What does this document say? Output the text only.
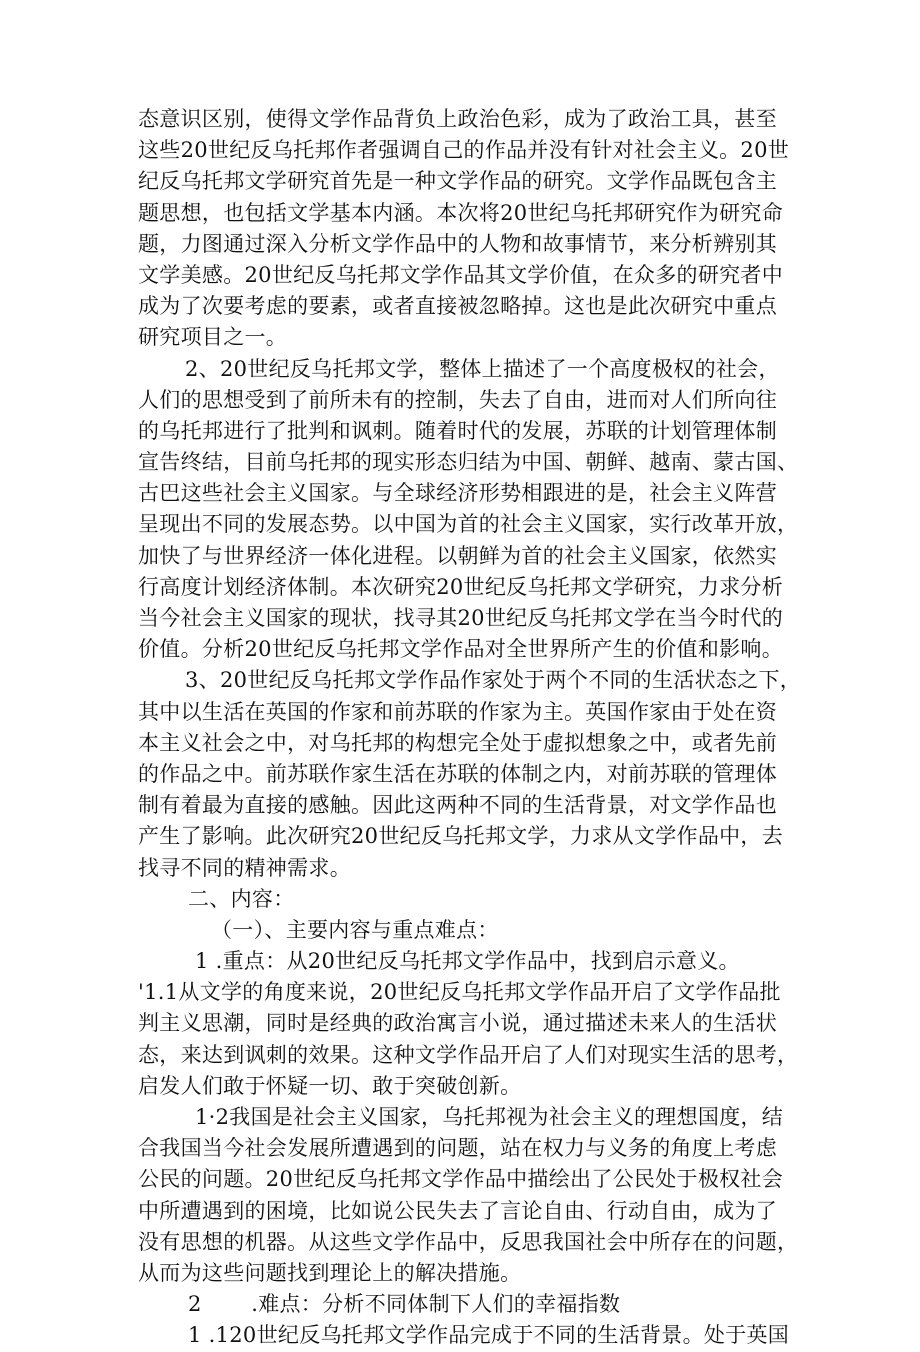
态意识区别，使得文学作品背负上政治色彩，成为了政治工具，甚至
这些20世纪反乌托邦作者强调自己的作品并没有针对社会主义。20世
纪反乌托邦文学研究首先是一种文学作品的研究。文学作品既包含主
题思想，也包括文学基本内涵。本次将20世纪乌托邦研究作为研究命
题，力图通过深入分析文学作品中的人物和故事情节，来分析辨别其
文学美感。20世纪反乌托邦文学作品其文学价值，在众多的研究者中
成为了次要考虑的要素，或者直接被忽略掉。这也是此次研究中重点
研究项目之一。
2、20世纪反乌托邦文学，整体上描述了一个高度极权的社会，
人们的思想受到了前所未有的控制，失去了自由，进而对人们所向往
的乌托邦进行了批判和讽刺。随着时代的发展，苏联的计划管理体制
宣告终结，目前乌托邦的现实形态归结为中国、朝鲜、越南、蒙古国、
古巴这些社会主义国家。与全球经济形势相跟进的是，社会主义阵营
呈现出不同的发展态势。以中国为首的社会主义国家，实行改革开放，
加快了与世界经济一体化进程。以朝鲜为首的社会主义国家，依然实
行高度计划经济体制。本次研究20世纪反乌托邦文学研究，力求分析
当今社会主义国家的现状，找寻其20世纪反乌托邦文学在当今时代的
价值。分析20世纪反乌托邦文学作品对全世界所产生的价值和影响。
3、20世纪反乌托邦文学作品作家处于两个不同的生活状态之下，
其中以生活在英国的作家和前苏联的作家为主。英国作家由于处在资
本主义社会之中，对乌托邦的构想完全处于虚拟想象之中，或者先前
的作品之中。前苏联作家生活在苏联的体制之内，对前苏联的管理体
制有着最为直接的感触。因此这两种不同的生活背景，对文学作品也
产生了影响。此次研究20世纪反乌托邦文学，力求从文学作品中，去
找寻不同的精神需求。
二、内容：
（一）、主要内容与重点难点：
1 .重点：从20世纪反乌托邦文学作品中，找到启示意义。
'1.1从文学的角度来说，20世纪反乌托邦文学作品开启了文学作品批
判主义思潮，同时是经典的政治寓言小说，通过描述未来人的生活状
态，来达到讽刺的效果。这种文学作品开启了人们对现实生活的思考，
启发人们敢于怀疑一切、敢于突破创新。
1·2我国是社会主义国家，乌托邦视为社会主义的理想国度，结
合我国当今社会发展所遭遇到的问题，站在权力与义务的角度上考虑
公民的问题。20世纪反乌托邦文学作品中描绘出了公民处于极权社会
中所遭遇到的困境，比如说公民失去了言论自由、行动自由，成为了
没有思想的机器。从这些文学作品中，反思我国社会中所存在的问题，
从而为这些问题找到理论上的解决措施。
2　　 .难点：分析不同体制下人们的幸福指数
1 .120世纪反乌托邦文学作品完成于不同的生活背景。处于英国
